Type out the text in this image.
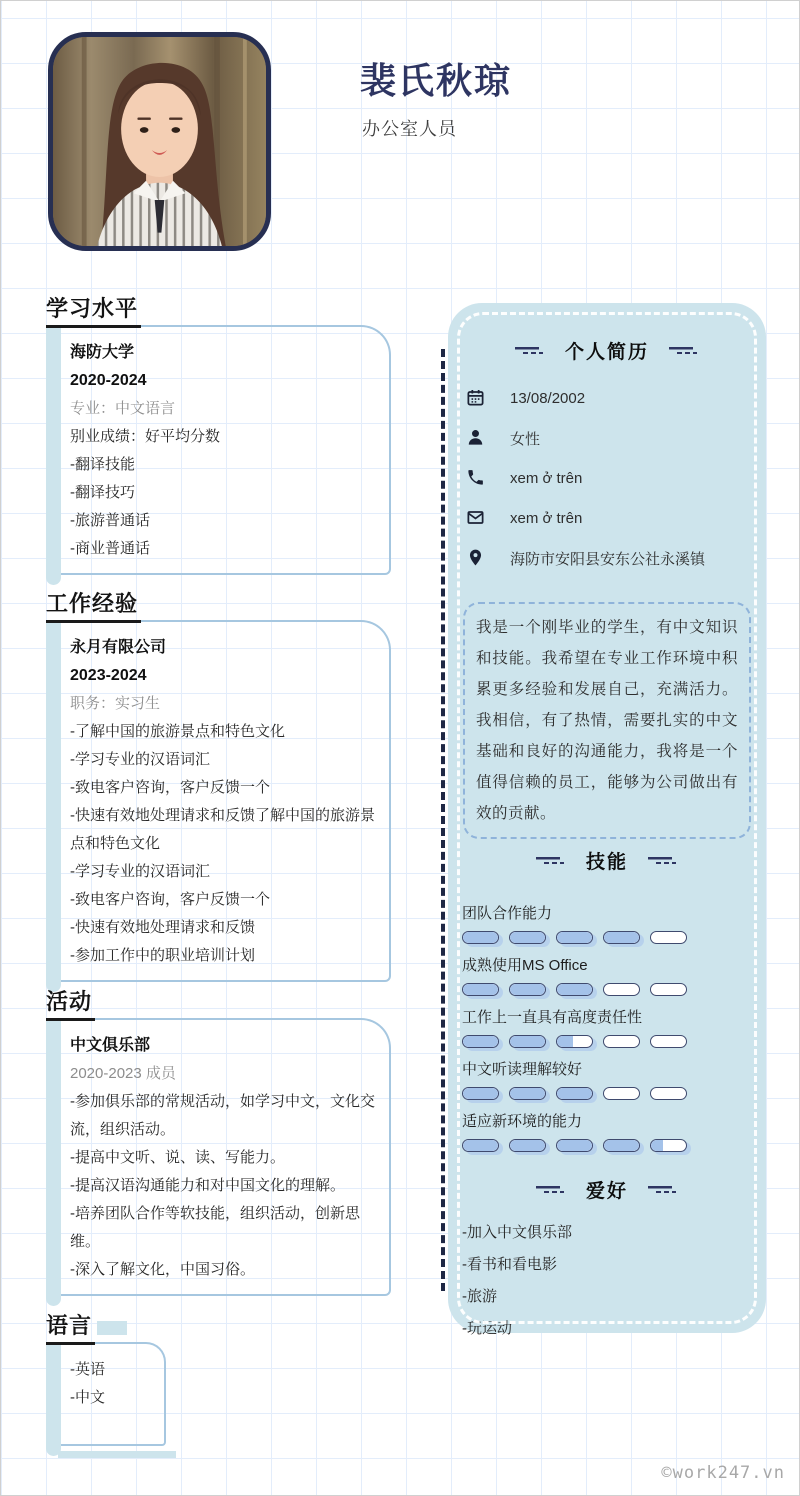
裴氏秋琼
办公室人员
学习水平
海防大学
2020-2024
专业：中文语言
别业成绩：好平均分数
-翻译技能
-翻译技巧
-旅游普通话
-商业普通话
工作经验
永月有限公司
2023-2024
职务：实习生
-了解中国的旅游景点和特色文化
-学习专业的汉语词汇
-致电客户咨询，客户反馈一个
-快速有效地处理请求和反馈了解中国的旅游景点和特色文化
-学习专业的汉语词汇
-致电客户咨询，客户反馈一个
-快速有效地处理请求和反馈
-参加工作中的职业培训计划
活动
中文俱乐部
2020-2023 成员
-参加俱乐部的常规活动，如学习中文，文化交流，组织活动。
-提高中文听、说、读、写能力。
-提高汉语沟通能力和对中国文化的理解。
-培养团队合作等软技能，组织活动，创新思维。
-深入了解文化，中国习俗。
语言
-英语
-中文
个人简历
13/08/2002
女性
xem ở trên
xem ở trên
海防市安阳县安东公社永溪镇
我是一个刚毕业的学生，有中文知识和技能。我希望在专业工作环境中积累更多经验和发展自己，充满活力。我相信，有了热情，需要扎实的中文基础和良好的沟通能力，我将是一个值得信赖的员工，能够为公司做出有效的贡献。
技能
团队合作能力
成熟使用MS Office
工作上一直具有高度责任性
中文听读理解较好
适应新环境的能力
爱好
-加入中文俱乐部
-看书和看电影
-旅游
-玩运动
©work247.vn
